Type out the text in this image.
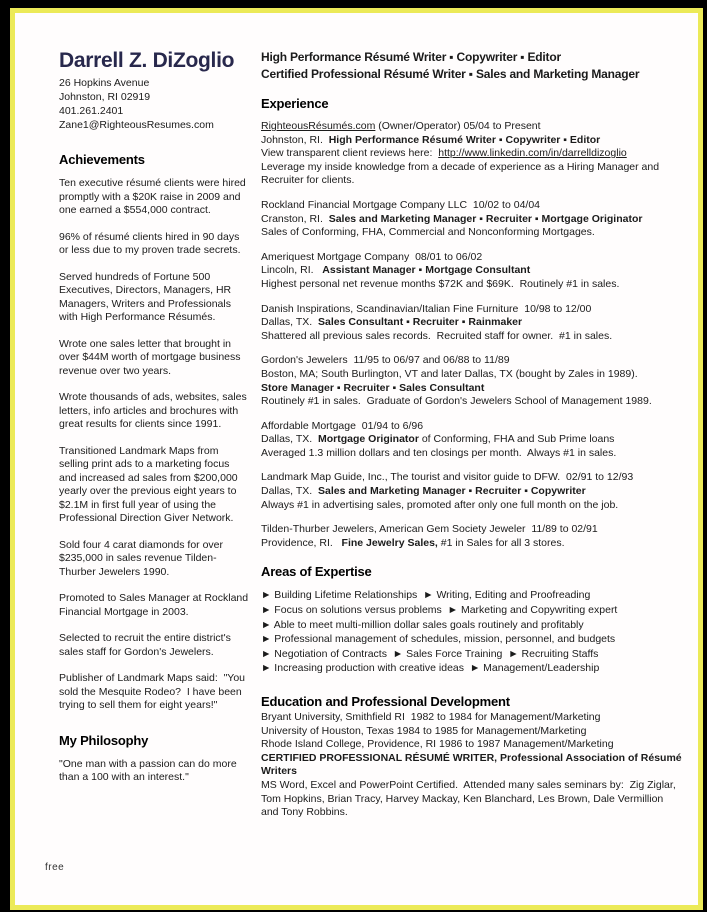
Darrell Z. DiZoglio
26 Hopkins Avenue
Johnston, RI 02919
401.261.2401
Zane1@RighteousResumes.com
Achievements

Ten executive résumé clients were hired promptly with a $20K raise in 2009 and one earned a $554,000 contract.

96% of résumé clients hired in 90 days or less due to my proven trade secrets.

Served hundreds of Fortune 500 Executives, Directors, Managers, HR Managers, Writers and Professionals with High Performance Résumés.

Wrote one sales letter that brought in over $44M worth of mortgage business revenue over two years.

Wrote thousands of ads, websites, sales letters, info articles and brochures with great results for clients since 1991.

Transitioned Landmark Maps from selling print ads to a marketing focus and increased ad sales from $200,000 yearly over the previous eight years to $2.1M in first full year of using the Professional Direction Giver Network.

Sold four 4 carat diamonds for over $235,000 in sales revenue Tilden-Thurber Jewelers 1990.

Promoted to Sales Manager at Rockland Financial Mortgage in 2003.

Selected to recruit the entire district's sales staff for Gordon's Jewelers.

Publisher of Landmark Maps said:  "You sold the Mesquite Rodeo?  I have been trying to sell them for eight years!"

My Philosophy

"One man with a passion can do more than a 100 with an interest."

High Performance Résumé Writer ▪ Copywriter ▪ Editor
Certified Professional Résumé Writer ▪ Sales and Marketing Manager
Experience
RighteousRésumés.com (Owner/Operator) 05/04 to Present
Johnston, RI.  High Performance Résumé Writer ▪ Copywriter ▪ Editor
View transparent client reviews here:  http://www.linkedin.com/in/darrelldizoglio
Leverage my inside knowledge from a decade of experience as a Hiring Manager and Recruiter for clients.
Rockland Financial Mortgage Company LLC  10/02 to 04/04
Cranston, RI.  Sales and Marketing Manager ▪ Recruiter ▪ Mortgage Originator
Sales of Conforming, FHA, Commercial and Nonconforming Mortgages.
Ameriquest Mortgage Company  08/01 to 06/02
Lincoln, RI.   Assistant Manager ▪ Mortgage Consultant
Highest personal net revenue months $72K and $69K.  Routinely #1 in sales.
Danish Inspirations, Scandinavian/Italian Fine Furniture  10/98 to 12/00
Dallas, TX.  Sales Consultant ▪ Recruiter ▪ Rainmaker
Shattered all previous sales records.  Recruited staff for owner.  #1 in sales.
Gordon's Jewelers  11/95 to 06/97 and 06/88 to 11/89
Boston, MA; South Burlington, VT and later Dallas, TX (bought by Zales in 1989).
Store Manager ▪ Recruiter ▪ Sales Consultant
Routinely #1 in sales.  Graduate of Gordon's Jewelers School of Management 1989.
Affordable Mortgage  01/94 to 6/96
Dallas, TX.  Mortgage Originator of Conforming, FHA and Sub Prime loans
Averaged 1.3 million dollars and ten closings per month.  Always #1 in sales.
Landmark Map Guide, Inc., The tourist and visitor guide to DFW.  02/91 to 12/93
Dallas, TX.  Sales and Marketing Manager ▪ Recruiter ▪ Copywriter
Always #1 in advertising sales, promoted after only one full month on the job.
Tilden-Thurber Jewelers, American Gem Society Jeweler  11/89 to 02/91
Providence, RI.   Fine Jewelry Sales, #1 in Sales for all 3 stores.
Areas of Expertise
► Building Lifetime Relationships  ► Writing, Editing and Proofreading
► Focus on solutions versus problems  ► Marketing and Copywriting expert
► Able to meet multi-million dollar sales goals routinely and profitably
► Professional management of schedules, mission, personnel, and budgets
► Negotiation of Contracts  ► Sales Force Training  ► Recruiting Staffs
► Increasing production with creative ideas  ► Management/Leadership
Education and Professional Development
Bryant University, Smithfield RI  1982 to 1984 for Management/Marketing
University of Houston, Texas 1984 to 1985 for Management/Marketing
Rhode Island College, Providence, RI 1986 to 1987 Management/Marketing
CERTIFIED PROFESSIONAL RÉSUMÉ WRITER, Professional Association of Résumé Writers
MS Word, Excel and PowerPoint Certified.  Attended many sales seminars by:  Zig Ziglar, Tom Hopkins, Brian Tracy, Harvey Mackay, Ken Blanchard, Les Brown, Dale Vermillion and Tony Robbins.
free
